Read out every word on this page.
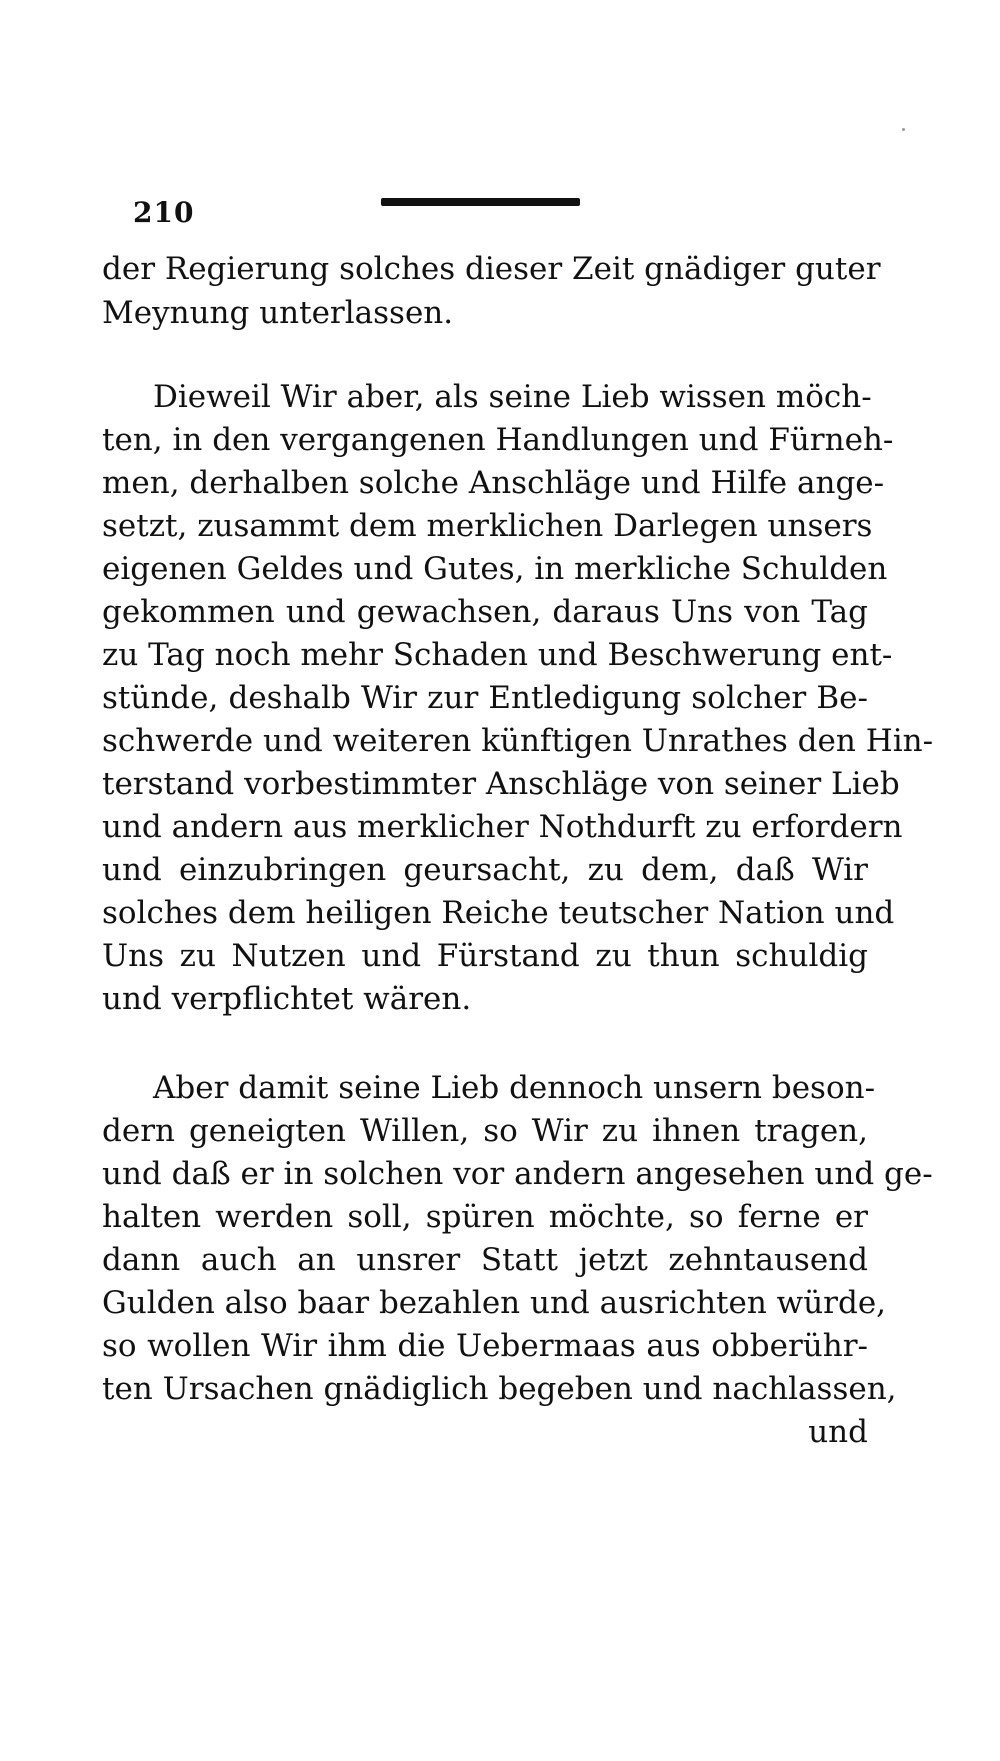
210
der Regierung solches dieser Zeit gnädiger guter
Meynung unterlassen.
Dieweil Wir aber, als seine Lieb wissen möch-
ten, in den vergangenen Handlungen und Fürneh-
men, derhalben solche Anschläge und Hilfe ange-
setzt, zusammt dem merklichen Darlegen unsers
eigenen Geldes und Gutes, in merkliche Schulden
gekommen und gewachsen, daraus Uns von Tag
zu Tag noch mehr Schaden und Beschwerung ent-
stünde, deshalb Wir zur Entledigung solcher Be-
schwerde und weiteren künftigen Unrathes den Hin-
terstand vorbestimmter Anschläge von seiner Lieb
und andern aus merklicher Nothdurft zu erfordern
und einzubringen geursacht, zu dem, daß Wir
solches dem heiligen Reiche teutscher Nation und
Uns zu Nutzen und Fürstand zu thun schuldig
und verpflichtet wären.
Aber damit seine Lieb dennoch unsern beson-
dern geneigten Willen, so Wir zu ihnen tragen,
und daß er in solchen vor andern angesehen und ge-
halten werden soll, spüren möchte, so ferne er
dann auch an unsrer Statt jetzt zehntausend
Gulden also baar bezahlen und ausrichten würde,
so wollen Wir ihm die Uebermaas aus obberühr-
ten Ursachen gnädiglich begeben und nachlassen,
und
